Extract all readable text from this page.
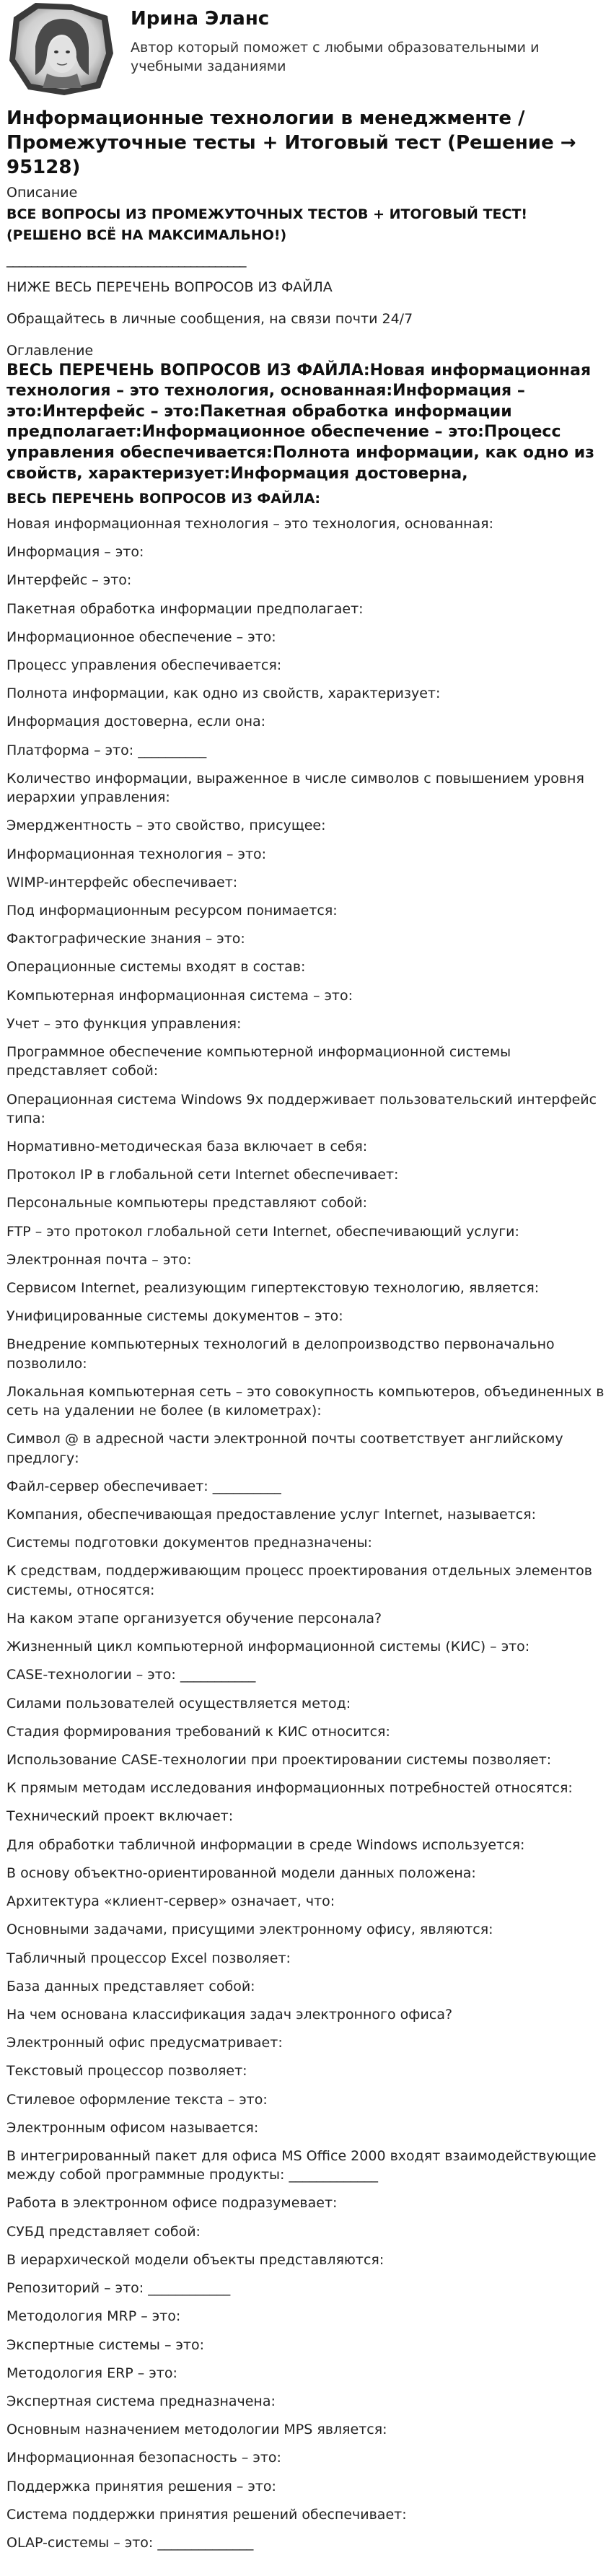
Ирина Эланс
Автор который поможет с любыми образовательными и учебными заданиями
Информационные технологии в менеджменте / Промежуточные тесты + Итоговый тест (Решение → 95128)
Описание
ВСЕ ВОПРОСЫ ИЗ ПРОМЕЖУТОЧНЫХ ТЕСТОВ + ИТОГОВЫЙ ТЕСТ! (РЕШЕНО ВСЁ НА МАКСИМАЛЬНО!)
_______________________________________
НИЖЕ ВЕСЬ ПЕРЕЧЕНЬ ВОПРОСОВ ИЗ ФАЙЛА
Обращайтесь в личные сообщения, на связи почти 24/7
Оглавление
ВЕСЬ ПЕРЕЧЕНЬ ВОПРОСОВ ИЗ ФАЙЛА:Новая информационная технология – это технология, основанная:Информация – это:Интерфейс – это:Пакетная обработка информации предполагает:Информационное обеспечение – это:Процесс управления обеспечивается:Полнота информации, как одно из свойств, характеризует:Информация достоверна,
ВЕСЬ ПЕРЕЧЕНЬ ВОПРОСОВ ИЗ ФАЙЛА:
Новая информационная технология – это технология, основанная:
Информация – это:
Интерфейс – это:
Пакетная обработка информации предполагает:
Информационное обеспечение – это:
Процесс управления обеспечивается:
Полнота информации, как одно из свойств, характеризует:
Информация достоверна, если она:
Платформа – это: __________
Количество информации, выраженное в числе символов с повышением уровня иерархии управления:
Эмерджентность – это свойство, присущее:
Информационная технология – это:
WIMP-интерфейс обеспечивает:
Под информационным ресурсом понимается:
Фактографические знания – это:
Операционные системы входят в состав:
Компьютерная информационная система – это:
Учет – это функция управления:
Программное обеспечение компьютерной информационной системы представляет собой:
Операционная система Windows 9x поддерживает пользовательский интерфейс типа:
Нормативно-методическая база включает в себя:
Протокол IP в глобальной сети Internet обеспечивает:
Персональные компьютеры представляют собой:
FTP – это протокол глобальной сети Internet, обеспечивающий услуги:
Электронная почта – это:
Сервисом Internet, реализующим гипертекстовую технологию, является:
Унифицированные системы документов – это:
Внедрение компьютерных технологий в делопроизводство первоначально позволило:
Локальная компьютерная сеть – это совокупность компьютеров, объединенных в сеть на удалении не более (в километрах):
Символ @ в адресной части электронной почты соответствует английскому предлогу:
Файл-сервер обеспечивает: __________
Компания, обеспечивающая предоставление услуг Internet, называется:
Системы подготовки документов предназначены:
К средствам, поддерживающим процесс проектирования отдельных элементов системы, относятся:
На каком этапе организуется обучение персонала?
Жизненный цикл компьютерной информационной системы (КИС) – это:
CASE-технологии – это: ___________
Силами пользователей осуществляется метод:
Стадия формирования требований к КИС относится:
Использование CASE-технологии при проектировании системы позволяет:
К прямым методам исследования информационных потребностей относятся:
Технический проект включает:
Для обработки табличной информации в среде Windows используется:
В основу объектно-ориентированной модели данных положена:
Архитектура «клиент-сервер» означает, что:
Основными задачами, присущими электронному офису, являются:
Табличный процессор Excel позволяет:
База данных представляет собой:
На чем основана классификация задач электронного офиса?
Электронный офис предусматривает:
Текстовый процессор позволяет:
Стилевое оформление текста – это:
Электронным офисом называется:
В интегрированный пакет для офиса MS Office 2000 входят взаимодействующие между собой программные продукты: _____________
Работа в электронном офисе подразумевает:
СУБД представляет собой:
В иерархической модели объекты представляются:
Репозиторий – это: ____________
Методология MRP – это:
Экспертные системы – это:
Методология ERP – это:
Экспертная система предназначена:
Основным назначением методологии MPS является:
Информационная безопасность – это:
Поддержка принятия решения – это:
Система поддержки принятия решений обеспечивает:
OLAP-системы – это: ______________
